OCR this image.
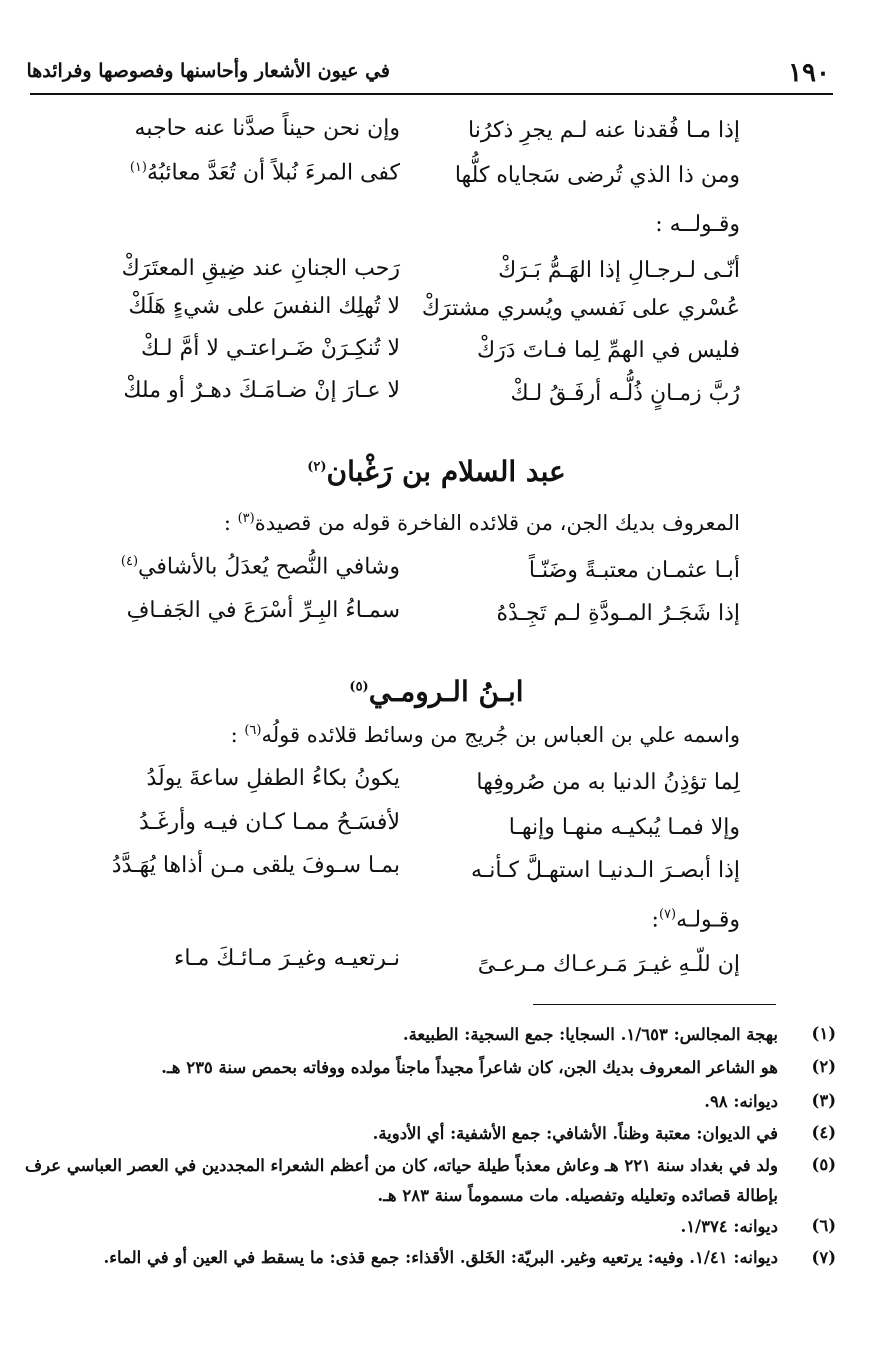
في عيون الأشعار وأحاسنها وفصوصها وفرائدها	١٩٠
إذا مـا فُقدنا عنه لـم يجرِ ذكرُنا
وإن نحن حيناً صدَّنا عنه حاجبه
ومن ذا الذي تُرضى سَجاياه كلُّها
كفى المرءَ نُبلاً أن تُعَدَّ معائبُهُ$^{(١)}$
وقـولــه :
أنّـى لـرجـالِ إذا الهَـمُّ بَـرَكْ
رَحب الجنانِ عند ضِيقِ المعتَرَكْ
عُسْري على نَفسي ويُسري مشترَكْ
لا تُهلِك النفسَ على شيءٍ هَلَكْ
فليس في الهمِّ لِما فـاتَ دَرَكْ
لا تُنكِـرَنْ ضَـراعتـي لا أمَّ لـكْ
رُبَّ زمـانٍ ذُلُّـه أرفَـقُ لـكْ
لا عـارَ إنْ ضـامَـكَ دهـرٌ أو ملكْ
عبد السلام بن رَغْبان$^{(٢)}$
المعروف بديك الجن، من قلائده الفاخرة قوله من قصيدة$^{(٣)}$ :
أبـا عثمـان معتبـةً وضَنّـاً
وشافي النُّصح يُعدَلُ بالأشافي$^{(٤)}$
إذا شَجَـرُ المـودَّةِ لـم تَجِـدْهُ
سمـاءُ البِـرِّ أسْرَعَ في الجَفـافِ
ابـنُ الـرومـي$^{(٥)}$
واسمه علي بن العباس بن جُريج من وسائط قلائده قولُه$^{(٦)}$ :
لِما تؤذِنُ الدنيا به من صُروفِها
يكونُ بكاءُ الطفلِ ساعةَ يولَدُ
وإلا فمـا يُبكيـه منهـا وإنهـا
لأفسَـحُ ممـا كـان فيـه وأرغَـدُ
إذا أبصـرَ الـدنيـا استهـلَّ كـأنـه
بمـا سـوفَ يلقى مـن أذاها يُهَـدَّدُ
وقـولـه$^{(٧)}$:
إن للّـهِ غيـرَ مَـرعـاك مـرعـىً
نـرتعيـه وغيـرَ مـائـكَ مـاء
(١)
بهجة المجالس: ١/٦٥٣. السجايا: جمع السجية: الطبيعة.
(٢)
هو الشاعر المعروف بديك الجن، كان شاعراً مجيداً ماجناً مولده ووفاته بحمص سنة ٢٣٥ هـ.
(٣)
ديوانه: ٩٨.
(٤)
في الديوان: معتبة وظناً. الأشافي: جمع الأشفية: أي الأدوية.
(٥)
ولد في بغداد سنة ٢٢١ هـ وعاش معذباً طيلة حياته، كان من أعظم الشعراء المجددين في العصر العباسي عرف بإطالة قصائده وتعليله وتفصيله. مات مسموماً سنة ٢٨٣ هـ.
(٦)
ديوانه: ١/٣٧٤.
(٧)
ديوانه: ١/٤١. وفيه: يرتعيه وغير. البريّة: الخَلق. الأقذاء: جمع قذى: ما يسقط في العين أو في الماء.
